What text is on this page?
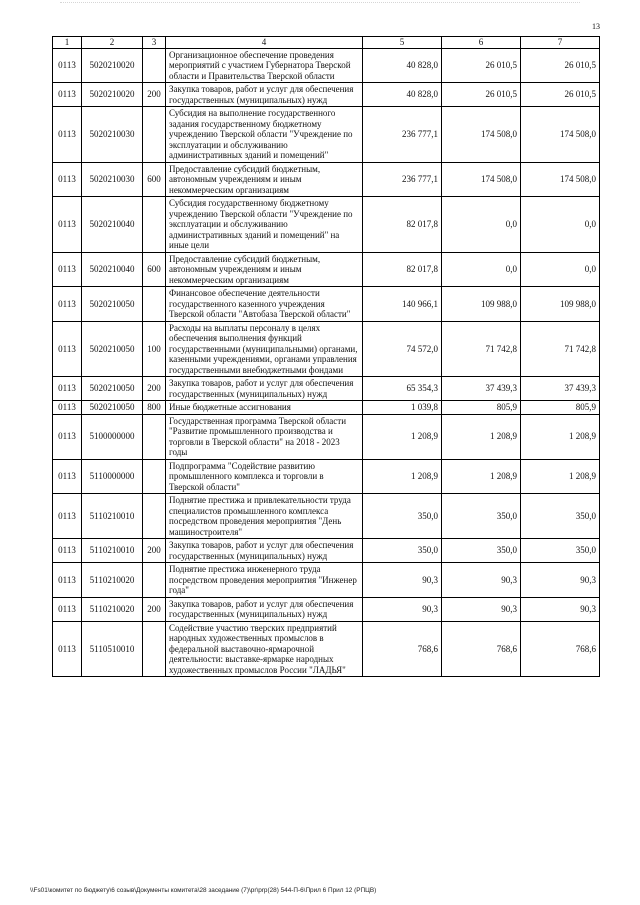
13
1	2	3	4	5	6	7
0113	5020210020		Организационное обеспечение проведения мероприятий с участием Губернатора Тверской области и Правительства Тверской области	40 828,0	26 010,5	26 010,5
0113	5020210020	200	Закупка товаров, работ и услуг для обеспечения государственных (муниципальных) нужд	40 828,0	26 010,5	26 010,5
0113	5020210030		Субсидия на выполнение государственного задания государственному бюджетному учреждению Тверской области "Учреждение по эксплуатации и обслуживанию административных зданий и помещений"	236 777,1	174 508,0	174 508,0
0113	5020210030	600	Предоставление субсидий бюджетным, автономным учреждениям и иным некоммерческим организациям	236 777,1	174 508,0	174 508,0
0113	5020210040		Субсидия государственному бюджетному учреждению Тверской области "Учреждение по эксплуатации и обслуживанию административных зданий и помещений" на иные цели	82 017,8	0,0	0,0
0113	5020210040	600	Предоставление субсидий бюджетным, автономным учреждениям и иным некоммерческим организациям	82 017,8	0,0	0,0
0113	5020210050		Финансовое обеспечение деятельности государственного казенного учреждения Тверской области "Автобаза Тверской области"	140 966,1	109 988,0	109 988,0
0113	5020210050	100	Расходы на выплаты персоналу в целях обеспечения выполнения функций государственными (муниципальными) органами, казенными учреждениями, органами управления государственными внебюджетными фондами	74 572,0	71 742,8	71 742,8
0113	5020210050	200	Закупка товаров, работ и услуг для обеспечения государственных (муниципальных) нужд	65 354,3	37 439,3	37 439,3
0113	5020210050	800	Иные бюджетные ассигнования	1 039,8	805,9	805,9
0113	5100000000		Государственная программа Тверской области "Развитие промышленного производства и торговли в Тверской области" на 2018 - 2023 годы	1 208,9	1 208,9	1 208,9
0113	5110000000		Подпрограмма "Содействие развитию промышленного комплекса и торговли в Тверской области"	1 208,9	1 208,9	1 208,9
0113	5110210010		Поднятие престижа и привлекательности труда специалистов промышленного комплекса посредством проведения мероприятия "День машиностроителя"	350,0	350,0	350,0
0113	5110210010	200	Закупка товаров, работ и услуг для обеспечения государственных (муниципальных) нужд	350,0	350,0	350,0
0113	5110210020		Поднятие престижа инженерного труда посредством проведения мероприятия "Инженер года"	90,3	90,3	90,3
0113	5110210020	200	Закупка товаров, работ и услуг для обеспечения государственных (муниципальных) нужд	90,3	90,3	90,3
0113	5110510010		Содействие участию тверских предприятий народных художественных промыслов в федеральной выставочно-ярмарочной деятельности: выставке-ярмарке народных художественных промыслов России "ЛАДЬЯ"	768,6	768,6	768,6
\\Fs01\комитет по бюджету\6 созыв\Документы комитета\28 заседание (7)\pr\prp(28) 544-П-6\Прил 6 Прил 12 (РПЦВ)
